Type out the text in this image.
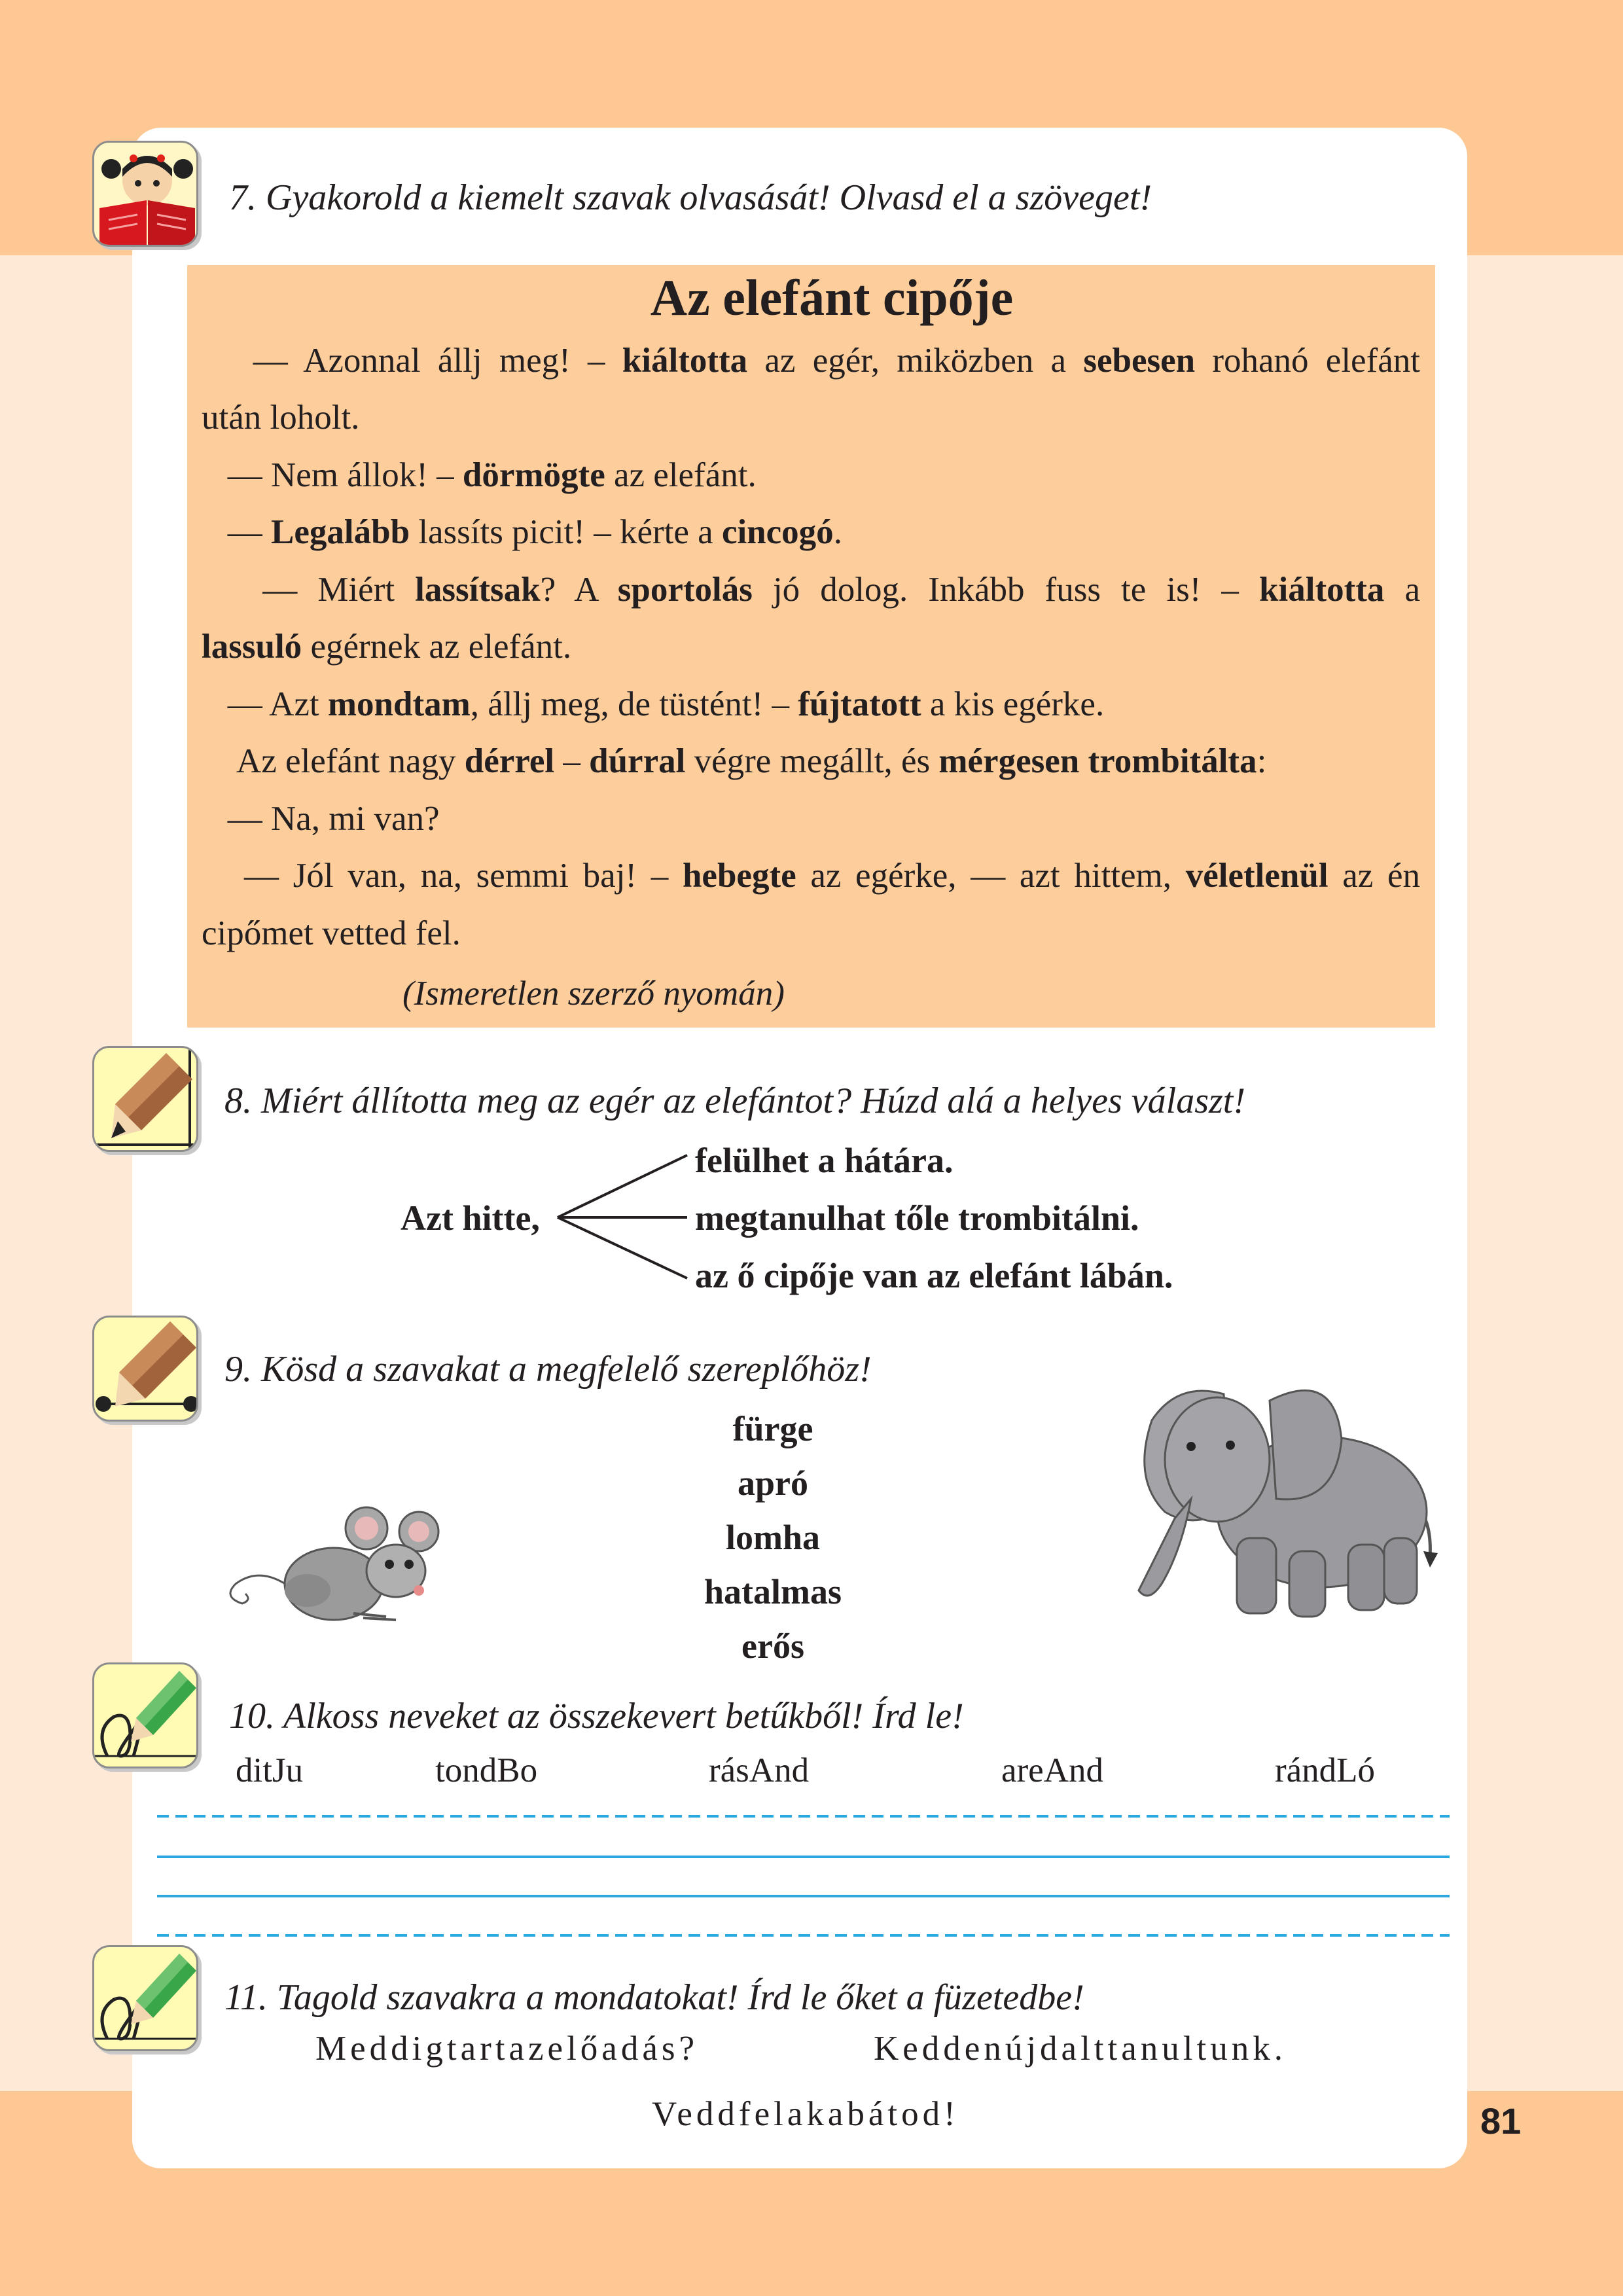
7. Gyakorold a kiemelt szavak olvasását! Olvasd el a szöveget!
Az elefánt cipője
― Azonnal állj meg! – kiáltotta az egér, miközben a sebesen rohanó elefánt
után loholt.
― Nem állok! – dörmögte az elefánt.
― Legalább lassíts picit! – kérte a cincogó.
― Miért lassítsak? A sportolás jó dolog. Inkább fuss te is! – kiáltotta a
lassuló egérnek az elefánt.
― Azt mondtam, állj meg, de tüstént! – fújtatott a kis egérke.
Az elefánt nagy dérrel – dúrral végre megállt, és mérgesen trombitálta:
― Na, mi van?
― Jól van, na, semmi baj! – hebegte az egérke, ― azt hittem, véletlenül az én
cipőmet vetted fel.
(Ismeretlen szerző nyomán)
8. Miért állította meg az egér az elefántot? Húzd alá a helyes választ!
Azt hitte,
felülhet a hátára.
megtanulhat tőle trombitálni.
az ő cipője van az elefánt lábán.
9. Kösd a szavakat a megfelelő szereplőhöz!
fürge
apró
lomha
hatalmas
erős
10. Alkoss neveket az összekevert betűkből! Írd le!
ditJu	tondBo	rásAnd	areAnd	rándLó
11. Tagold szavakra a mondatokat! Írd le őket a füzetedbe!
Meddigtartazelőadás?	Keddenújdalttanultunk.
Veddfelakabátod!	81
